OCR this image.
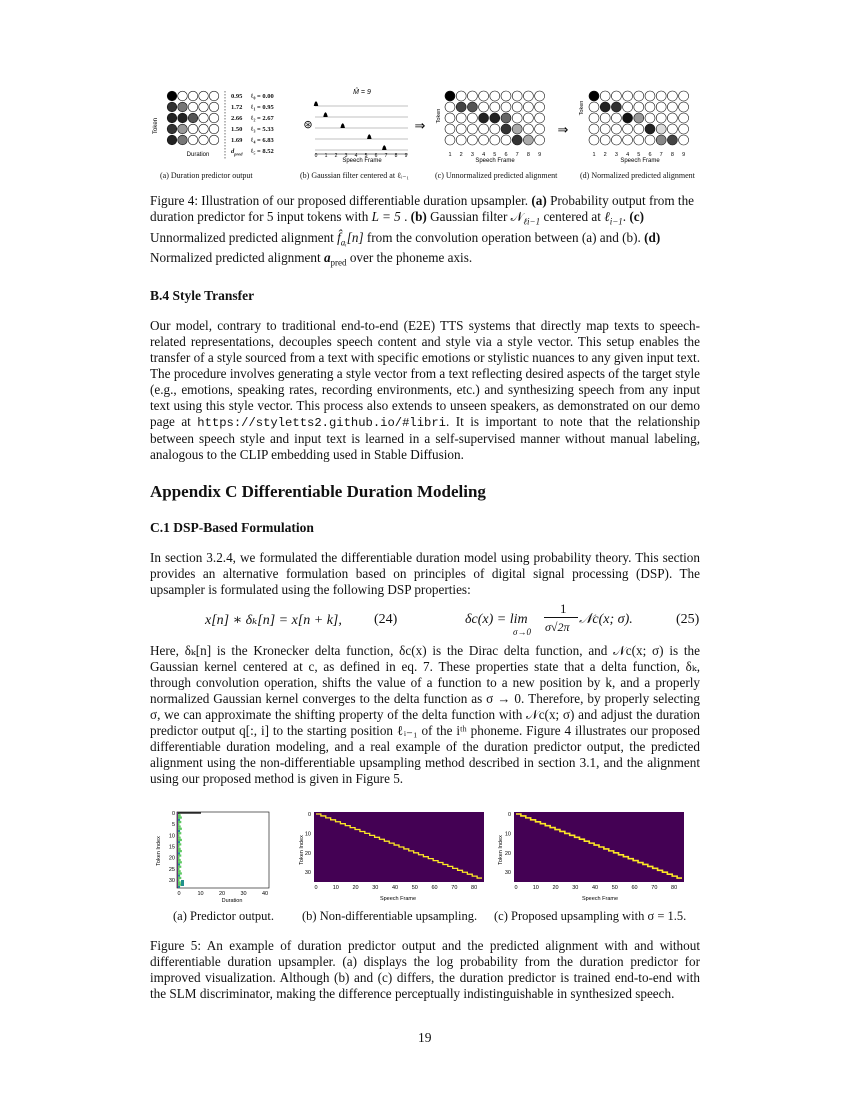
Token
Duration
⊛
M̂ = 9
Speech Frame
0 1 2 3 4 5 6 7 8 9
⇒
Token
Speech Frame
1 2 3 4 5 6 7 8 9
⇒
Token
Speech Frame
1 2 3 4 5 6 7 8 9
0.95 ℓ₀ = 0.00
1.72 ℓ₁ = 0.95
2.66 ℓ₂ = 2.67
1.50 ℓ₃ = 5.33
1.69 ℓ₄ = 6.83
$d_{pred}$ ℓ₅ = 8.52
(a) Duration predictor output	(b) Gaussian filter centered at ℓᵢ₋₁	(c) Unnormalized predicted alignment	(d) Normalized predicted alignment
Figure 4: Illustration of our proposed differentiable duration upsampler. (a) Probability output from the duration predictor for 5 input tokens with L = 5 . (b) Gaussian filter 𝒩$_{\ell i-1}$ centered at ℓ$_{i-1}$. (c) Unnormalized predicted alignment $f̂_{aᵢ}[n]$ from the convolution operation between (a) and (b). (d) Normalized predicted alignment $a_{pred}$ over the phoneme axis.
B.4 Style Transfer
Our model, contrary to traditional end-to-end (E2E) TTS systems that directly map texts to speech-related representations, decouples speech content and style via a style vector. This setup enables the transfer of a style sourced from a text with specific emotions or stylistic nuances to any given input text. The procedure involves generating a style vector from a text reflecting desired aspects of the target style (e.g., emotions, speaking rates, recording environments, etc.) and synthesizing speech from any input text using this style vector. This process also extends to unseen speakers, as demonstrated on our demo page at https://styletts2.github.io/#libri. It is important to note that the relationship between speech style and input text is learned in a self-supervised manner without manual labeling, analogous to the CLIP embedding used in Stable Diffusion.
Appendix C Differentiable Duration Modeling
C.1 DSP-Based Formulation
In section 3.2.4, we formulated the differentiable duration model using probability theory. This section provides an alternative formulation based on principles of digital signal processing (DSP). The upsampler is formulated using the following DSP properties:
x[n] ∗ δₖ[n] = x[n + k], (24)	δc(x) = lim
σ→0
1
σ√2π 𝒩c(x; σ).	(25)
Here, δₖ[n] is the Kronecker delta function, δc(x) is the Dirac delta function, and 𝒩c(x; σ) is the Gaussian kernel centered at c, as defined in eq. 7. These properties state that a delta function, δₖ, through convolution operation, shifts the value of a function to a new position by k, and a properly normalized Gaussian kernel converges to the delta function as σ → 0. Therefore, by properly selecting σ, we can approximate the shifting property of the delta function with 𝒩c(x; σ) and adjust the duration predictor output q[:, i] to the starting position ℓᵢ₋₁ of the iᵗʰ phoneme. Figure 4 illustrates our proposed differentiable duration modeling, and a real example of the duration predictor output, the predicted alignment using the non-differentiable upsampling method described in section 3.1, and the alignment using our proposed method is given in Figure 5.
Token Index
Duration
Token Index
Speech Frame
Token Index
Speech Frame
0
5
10
15
20
25
30
0	10	20	30	40
0
10
20
30
0	10 20 30 40 50 60 70 80
0
10
20
30
0	10 20 30 40 50 60 70 80
(a) Predictor output. (b) Non-differentiable upsampling. (c) Proposed upsampling with σ = 1.5.
Figure 5: An example of duration predictor output and the predicted alignment with and without differentiable duration upsampler. (a) displays the log probability from the duration predictor for improved visualization. Although (b) and (c) differs, the duration predictor is trained end-to-end with the SLM discriminator, making the difference perceptually indistinguishable in synthesized speech.
19
